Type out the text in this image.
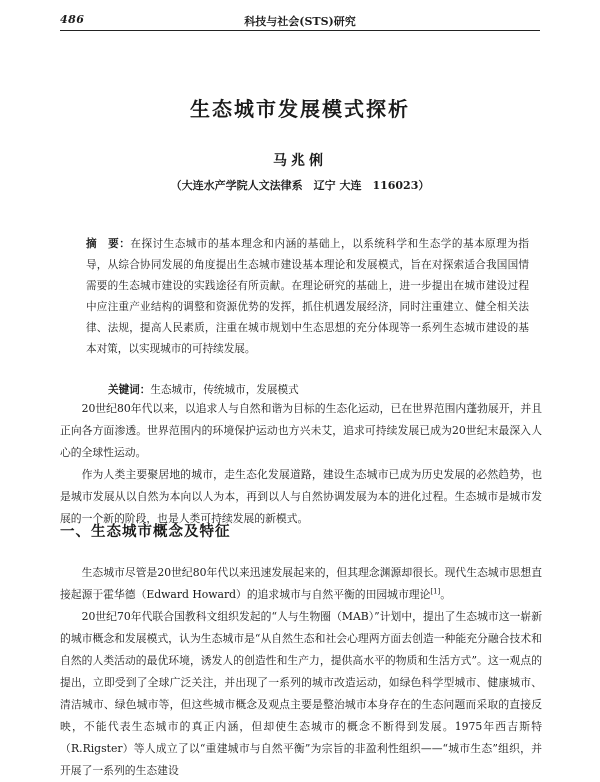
486	科技与社会(STS)研究
生态城市发展模式探析
马兆俐
（大连水产学院人文法律系　辽宁 大连　116023）
摘　要：在探讨生态城市的基本理念和内涵的基础上，以系统科学和生态学的基本原理为指导，从综合协同发展的角度提出生态城市建设基本理论和发展模式，旨在对探索适合我国国情需要的生态城市建设的实践途径有所贡献。在理论研究的基础上，进一步提出在城市建设过程中应注重产业结构的调整和资源优势的发挥，抓住机遇发展经济，同时注重建立、健全相关法律、法规，提高人民素质，注重在城市规划中生态思想的充分体现等一系列生态城市建设的基本对策，以实现城市的可持续发展。
关键词：生态城市，传统城市，发展模式

20世纪80年代以来，以追求人与自然和谐为目标的生态化运动，已在世界范围内蓬勃展开，并且正向各方面渗透。世界范围内的环境保护运动也方兴未艾，追求可持续发展已成为20世纪末最深入人心的全球性运动。

作为人类主要聚居地的城市，走生态化发展道路，建设生态城市已成为历史发展的必然趋势，也是城市发展从以自然为本向以人为本，再到以人与自然协调发展为本的进化过程。生态城市是城市发展的一个新的阶段，也是人类可持续发展的新模式。

一、生态城市概念及特征

生态城市尽管是20世纪80年代以来迅速发展起来的，但其理念渊源却很长。现代生态城市思想直接起源于霍华德（Edward Howard）的追求城市与自然平衡的田园城市理论[1]。

20世纪70年代联合国教科文组织发起的“人与生物圈（MAB）”计划中，提出了生态城市这一崭新的城市概念和发展模式，认为生态城市是“从自然生态和社会心理两方面去创造一种能充分融合技术和自然的人类活动的最优环境，诱发人的创造性和生产力，提供高水平的物质和生活方式”。这一观点的提出，立即受到了全球广泛关注，并出现了一系列的城市改造运动，如绿色科学型城市、健康城市、清洁城市、绿色城市等，但这些城市概念及观点主要是整治城市本身存在的生态问题而采取的直接反映，不能代表生态城市的真正内涵，但却使生态城市的概念不断得到发展。1975年西吉斯特（R.Rigster）等人成立了以“重建城市与自然平衡”为宗旨的非盈利性组织——“城市生态”组织，并开展了一系列的生态建设
